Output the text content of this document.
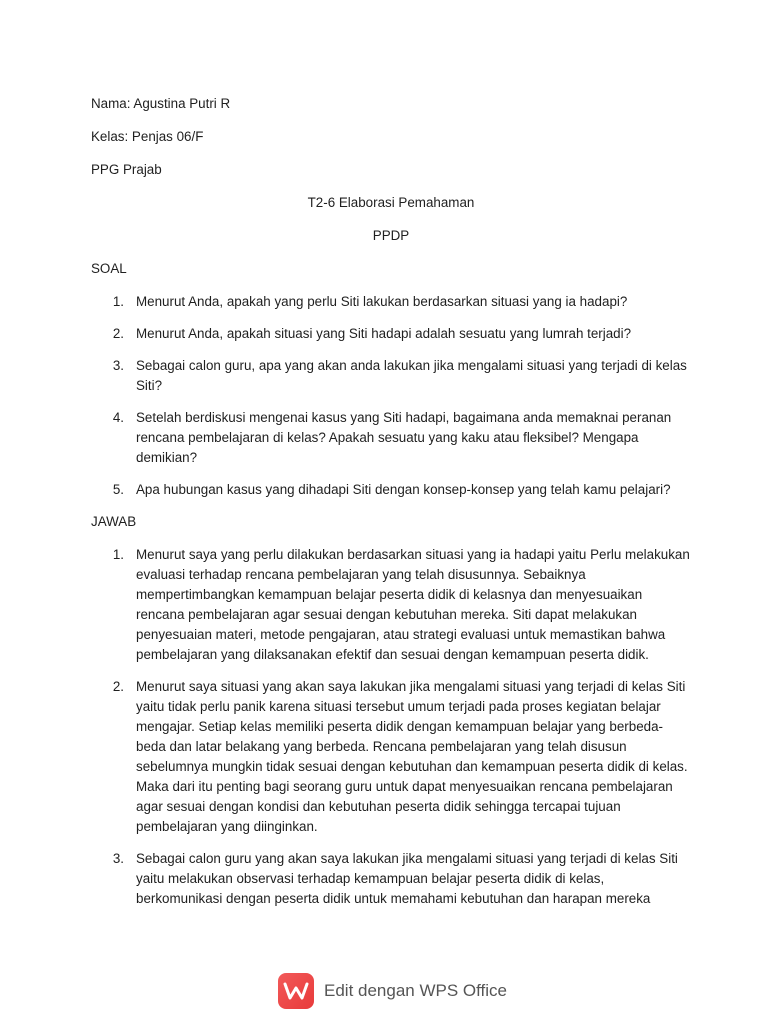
Nama: Agustina Putri R

Kelas: Penjas 06/F

PPG Prajab

T2-6 Elaborasi Pemahaman

PPDP

SOAL

1. Menurut Anda, apakah yang perlu Siti lakukan berdasarkan situasi yang ia hadapi?
2. Menurut Anda, apakah situasi yang Siti hadapi adalah sesuatu yang lumrah terjadi?
3. Sebagai calon guru, apa yang akan anda lakukan jika mengalami situasi yang terjadi di kelas Siti?
4. Setelah berdiskusi mengenai kasus yang Siti hadapi, bagaimana anda memaknai peranan rencana pembelajaran di kelas? Apakah sesuatu yang kaku atau fleksibel? Mengapa demikian?
5. Apa hubungan kasus yang dihadapi Siti dengan konsep-konsep yang telah kamu pelajari?

JAWAB

1. Menurut saya yang perlu dilakukan berdasarkan situasi yang ia hadapi yaitu Perlu melakukan evaluasi terhadap rencana pembelajaran yang telah disusunnya. Sebaiknya mempertimbangkan kemampuan belajar peserta didik di kelasnya dan menyesuaikan rencana pembelajaran agar sesuai dengan kebutuhan mereka. Siti dapat melakukan penyesuaian materi, metode pengajaran, atau strategi evaluasi untuk memastikan bahwa pembelajaran yang dilaksanakan efektif dan sesuai dengan kemampuan peserta didik.
2. Menurut saya situasi yang akan saya lakukan jika mengalami situasi yang terjadi di kelas Siti yaitu tidak perlu panik karena situasi tersebut umum terjadi pada proses kegiatan belajar mengajar. Setiap kelas memiliki peserta didik dengan kemampuan belajar yang berbeda-beda dan latar belakang yang berbeda. Rencana pembelajaran yang telah disusun sebelumnya mungkin tidak sesuai dengan kebutuhan dan kemampuan peserta didik di kelas. Maka dari itu penting bagi seorang guru untuk dapat menyesuaikan rencana pembelajaran agar sesuai dengan kondisi dan kebutuhan peserta didik sehingga tercapai tujuan pembelajaran yang diinginkan.
3. Sebagai calon guru yang akan saya lakukan jika mengalami situasi yang terjadi di kelas Siti yaitu melakukan observasi terhadap kemampuan belajar peserta didik di kelas, berkomunikasi dengan peserta didik untuk memahami kebutuhan dan harapan mereka
Edit dengan WPS Office
